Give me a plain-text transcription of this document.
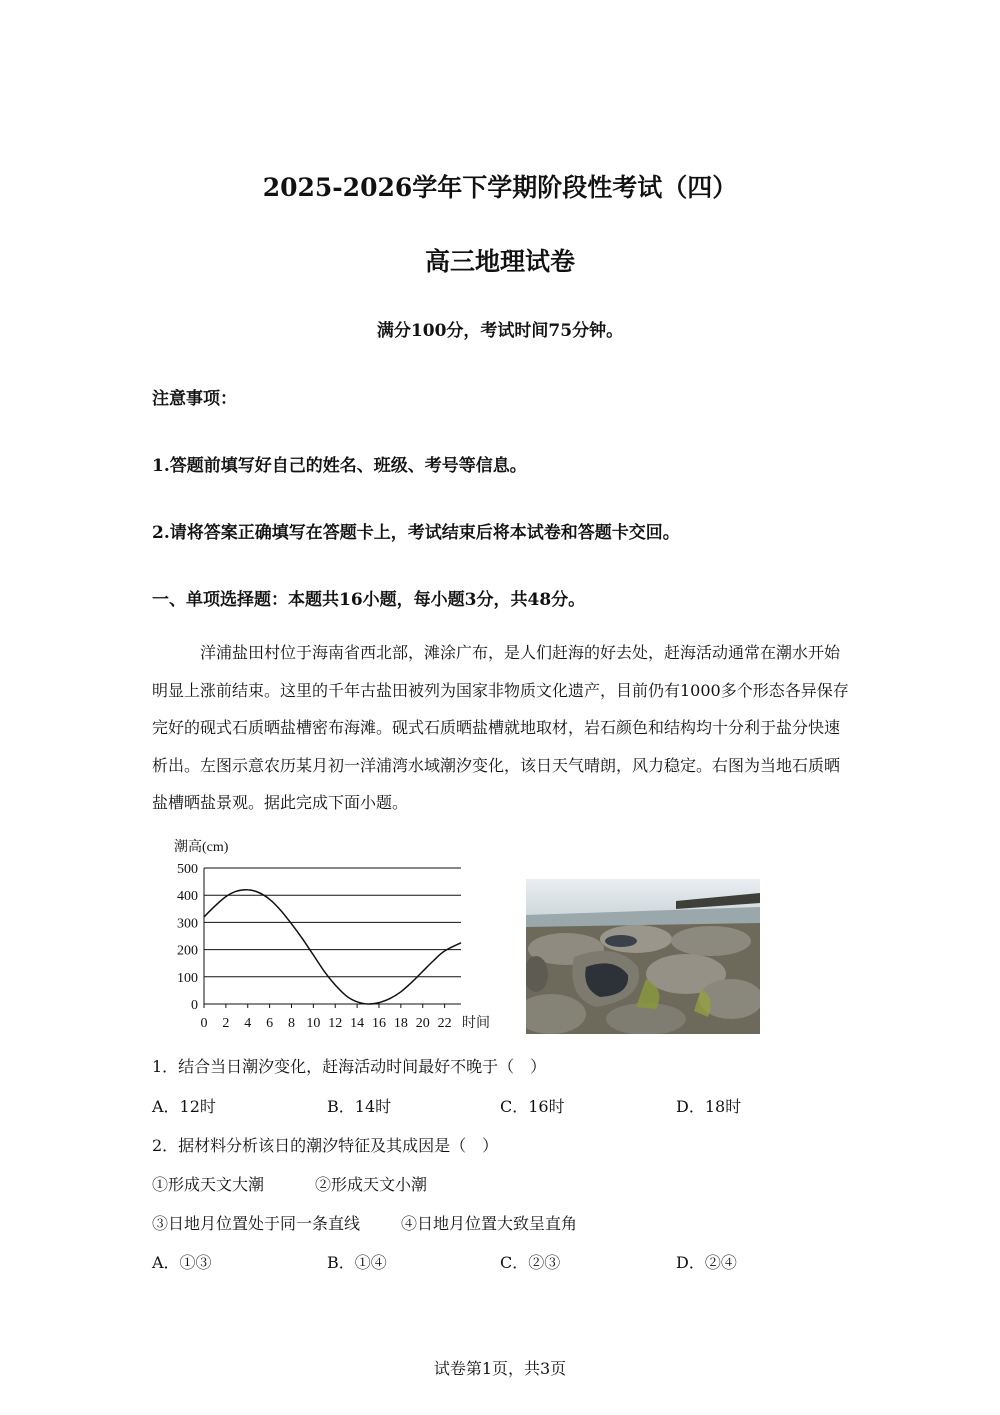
2025-2026学年下学期阶段性考试（四）
高三地理试卷
满分100分，考试时间75分钟。
注意事项：
1.答题前填写好自己的姓名、班级、考号等信息。
2.请将答案正确填写在答题卡上，考试结束后将本试卷和答题卡交回。
一、单项选择题：本题共16小题，每小题3分，共48分。

洋浦盐田村位于海南省西北部，滩涂广布，是人们赶海的好去处，赶海活动通常在潮水开始明显上涨前结束。这里的千年古盐田被列为国家非物质文化遗产，目前仍有1000多个形态各异保存完好的砚式石质晒盐槽密布海滩。砚式石质晒盐槽就地取材，岩石颜色和结构均十分利于盐分快速析出。左图示意农历某月初一洋浦湾水域潮汐变化，该日天气晴朗，风力稳定。右图为当地石质晒盐槽晒盐景观。据此完成下面小题。

潮高(cm)
0
100
200
300
400
500
0 2 4 6 8 10 12 14 16 18 20 22 时间
1．结合当日潮汐变化，赶海活动时间最好不晚于（　）
A．12时	B．14时	C．16时	D．18时
2．据材料分析该日的潮汐特征及其成因是（　）
①形成天文大潮	②形成天文小潮
③日地月位置处于同一条直线	④日地月位置大致呈直角
A．①③	B．①④	C．②③	D．②④
试卷第1页，共3页
